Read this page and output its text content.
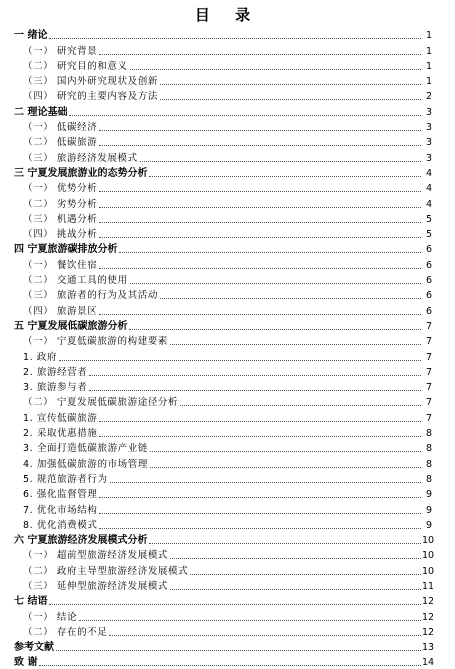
目 录
一 绪论	1
（一） 研究背景	1
（二） 研究目的和意义	1
（三） 国内外研究现状及创新	1
（四） 研究的主要内容及方法	2
二 理论基础	3
（一） 低碳经济	3
（二） 低碳旅游	3
（三） 旅游经济发展模式	3
三 宁夏发展旅游业的态势分析	4
（一） 优势分析	4
（二） 劣势分析	4
（三） 机遇分析	5
（四） 挑战分析	5
四 宁夏旅游碳排放分析	6
（一） 餐饮住宿	6
（二） 交通工具的使用	6
（三） 旅游者的行为及其活动	6
（四） 旅游景区	6
五 宁夏发展低碳旅游分析	7
（一） 宁夏低碳旅游的构建要素	7
1. 政府	7
2. 旅游经营者	7
3. 旅游参与者	7
（二） 宁夏发展低碳旅游途径分析	7
1. 宣传低碳旅游	7
2. 采取优惠措施	8
3. 全面打造低碳旅游产业链	8
4. 加强低碳旅游的市场管理	8
5. 规范旅游者行为	8
6. 强化监督管理	9
7. 优化市场结构	9
8. 优化消费模式	9
六 宁夏旅游经济发展模式分析	10
（一） 超前型旅游经济发展模式	10
（二） 政府主导型旅游经济发展模式	10
（三） 延伸型旅游经济发展模式	11
七 结语	12
（一） 结论	12
（二） 存在的不足	12
参考文献	13
致 谢	14
